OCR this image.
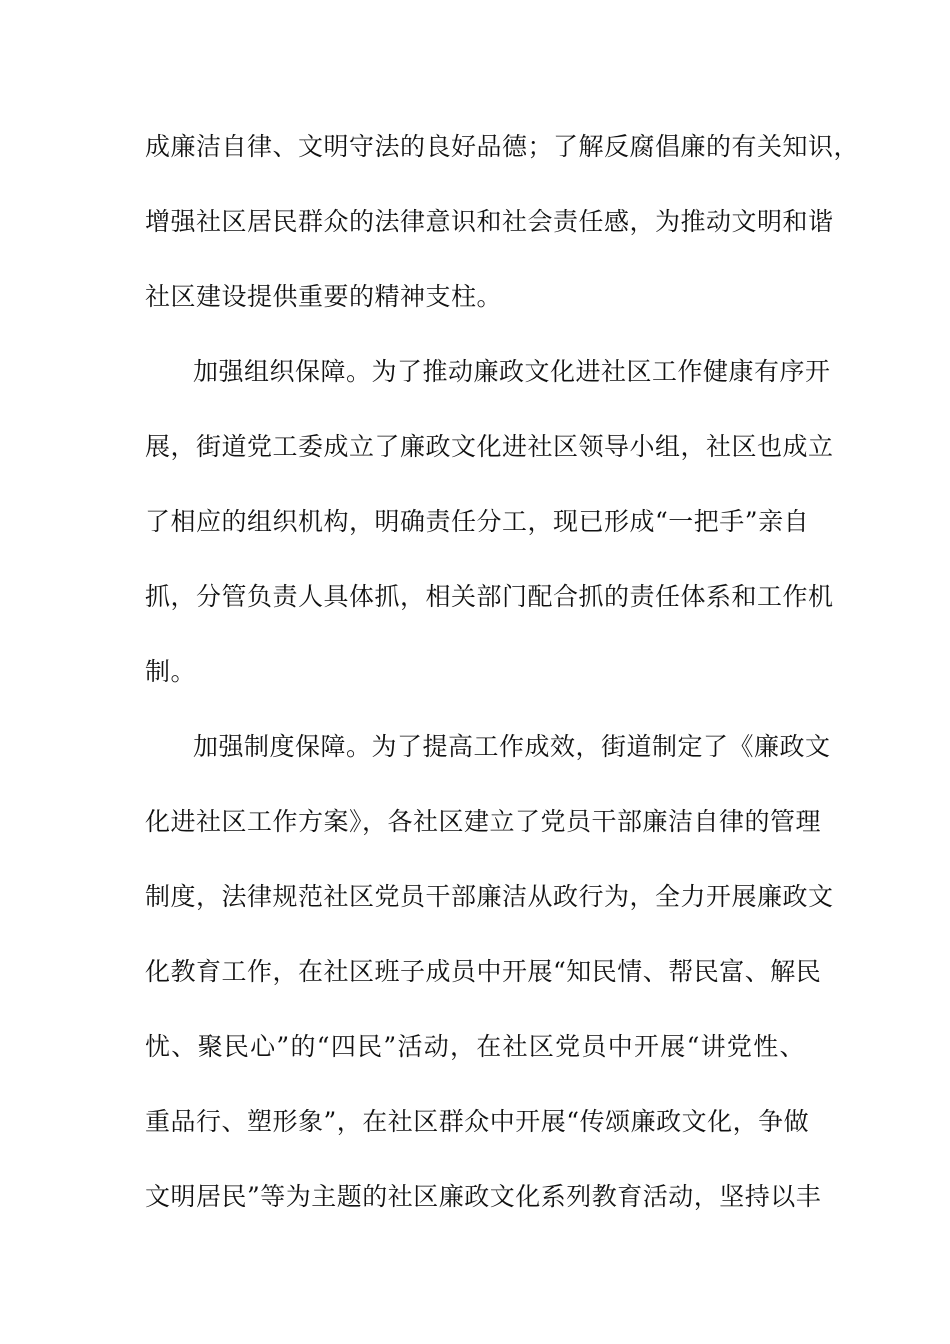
成廉洁自律、文明守法的良好品德；了解反腐倡廉的有关知识，
增强社区居民群众的法律意识和社会责任感，为推动文明和谐
社区建设提供重要的精神支柱。
加强组织保障。为了推动廉政文化进社区工作健康有序开
展，街道党工委成立了廉政文化进社区领导小组，社区也成立
了相应的组织机构，明确责任分工，现已形成“一把手”亲自
抓，分管负责人具体抓，相关部门配合抓的责任体系和工作机
制。
加强制度保障。为了提高工作成效，街道制定了《廉政文
化进社区工作方案》，各社区建立了党员干部廉洁自律的管理
制度，法律规范社区党员干部廉洁从政行为，全力开展廉政文
化教育工作，在社区班子成员中开展“知民情、帮民富、解民
忧、聚民心”的“四民”活动，在社区党员中开展“讲党性、
重品行、塑形象”，在社区群众中开展“传颂廉政文化，争做
文明居民”等为主题的社区廉政文化系列教育活动，坚持以丰
